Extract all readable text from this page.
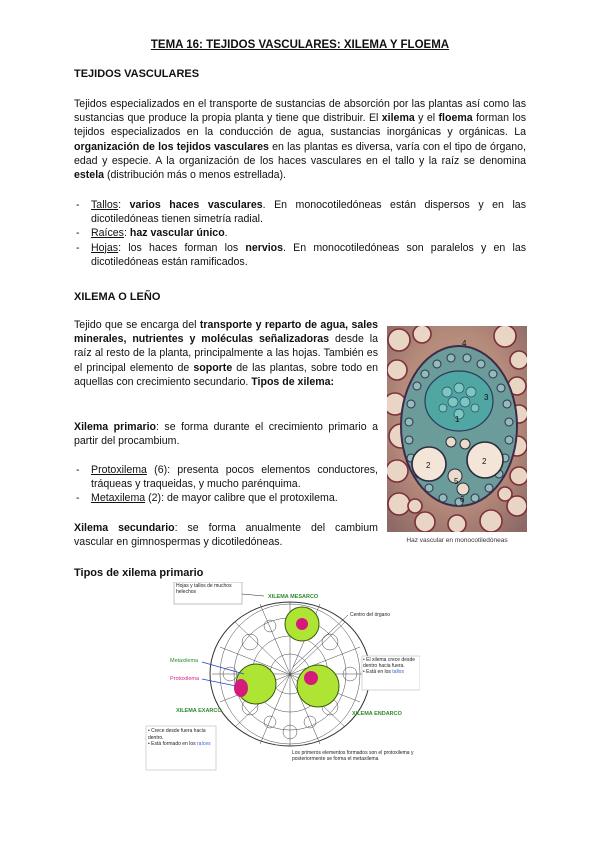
TEMA 16: TEJIDOS VASCULARES: XILEMA Y FLOEMA
TEJIDOS VASCULARES
Tejidos especializados en el transporte de sustancias de absorción por las plantas así como las sustancias que produce la propia planta y tiene que distribuir. El xilema y el floema forman los tejidos especializados en la conducción de agua, sustancias inorgánicas y orgánicas. La organización de los tejidos vasculares en las plantas es diversa, varía con el tipo de órgano, edad y especie. A la organización de los haces vasculares en el tallo y la raíz se denomina estela (distribución más o menos estrellada).
- Tallos: varios haces vasculares. En monocotiledóneas están dispersos y en las dicotiledóneas tienen simetría radial.
- Raíces: haz vascular único.
- Hojas: los haces forman los nervios. En monocotiledóneas son paralelos y en las dicotiledóneas están ramificados.
XILEMA O LEÑO
Tejido que se encarga del transporte y reparto de agua, sales minerales, nutrientes y moléculas señalizadoras desde la raíz al resto de la planta, principalmente a las hojas. También es el principal elemento de soporte de las plantas, sobre todo en aquellas con crecimiento secundario. Tipos de xilema:
Xilema primario: se forma durante el crecimiento primario a partir del procambium.
- Protoxilema (6): presenta pocos elementos conductores, tráqueas y traqueidas, y mucho parénquima.
- Metaxilema (2): de mayor calibre que el protoxilema.
Xilema secundario: se forma anualmente del cambium vascular en gimnospermas y dicotiledóneas.
4
3
1
2	2
5
6
Haz vascular en monocotiledóneas
Tipos de xilema primario
Hojas y tallos de muchos helechos
XILEMA MESARCO
Centro del órgano
Metaxilema
Protoxilema
XILEMA EXARCO	XILEMA ENDARCO
• El xilema crece desde dentro hacia fuera.
• Está en los tallos
• Crece desde fuera hacia dentro.
• Está formado en los raíces
Los primeros elementos formados son el protoxilema y posteriormente se forma el metaxilema
